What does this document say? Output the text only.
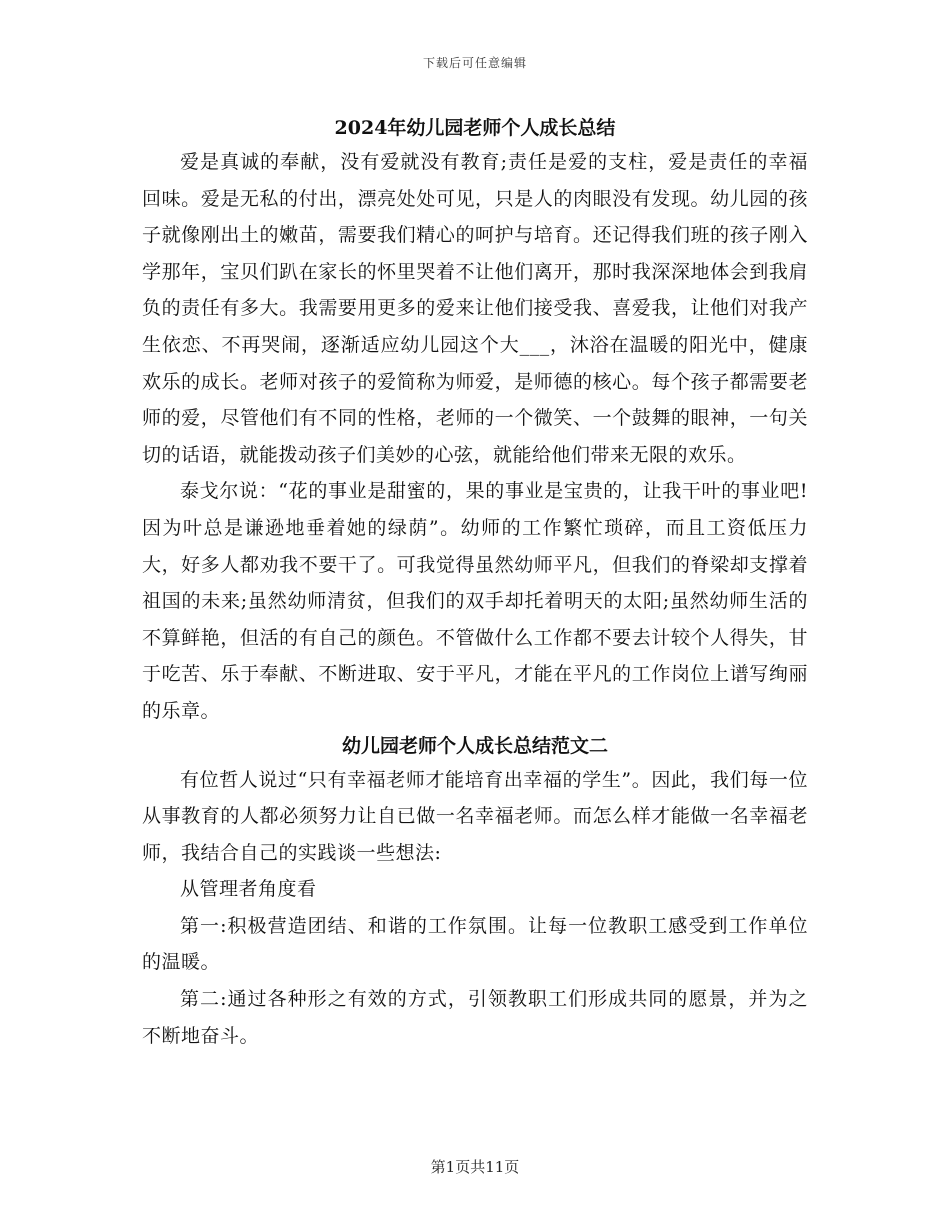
下载后可任意编辑
2024年幼儿园老师个人成长总结

爱是真诚的奉献，没有爱就没有教育;责任是爱的支柱，爱是责任的幸福回味。爱是无私的付出，漂亮处处可见，只是人的肉眼没有发现。幼儿园的孩子就像刚出土的嫩苗，需要我们精心的呵护与培育。还记得我们班的孩子刚入学那年，宝贝们趴在家长的怀里哭着不让他们离开，那时我深深地体会到我肩负的责任有多大。我需要用更多的爱来让他们接受我、喜爱我，让他们对我产生依恋、不再哭闹，逐渐适应幼儿园这个大___，沐浴在温暖的阳光中，健康欢乐的成长。老师对孩子的爱简称为师爱，是师德的核心。每个孩子都需要老师的爱，尽管他们有不同的性格，老师的一个微笑、一个鼓舞的眼神，一句关切的话语，就能拨动孩子们美妙的心弦，就能给他们带来无限的欢乐。

泰戈尔说：“花的事业是甜蜜的，果的事业是宝贵的，让我干叶的事业吧!因为叶总是谦逊地垂着她的绿荫”。幼师的工作繁忙琐碎，而且工资低压力大，好多人都劝我不要干了。可我觉得虽然幼师平凡，但我们的脊梁却支撑着祖国的未来;虽然幼师清贫，但我们的双手却托着明天的太阳;虽然幼师生活的不算鲜艳，但活的有自己的颜色。不管做什么工作都不要去计较个人得失，甘于吃苦、乐于奉献、不断进取、安于平凡，才能在平凡的工作岗位上谱写绚丽的乐章。

幼儿园老师个人成长总结范文二

有位哲人说过“只有幸福老师才能培育出幸福的学生”。因此，我们每一位从事教育的人都必须努力让自已做一名幸福老师。而怎么样才能做一名幸福老师，我结合自己的实践谈一些想法:

从管理者角度看

第一:积极营造团结、和谐的工作氛围。让每一位教职工感受到工作单位的温暖。

第二:通过各种形之有效的方式，引领教职工们形成共同的愿景，并为之不断地奋斗。

第1页共11页
